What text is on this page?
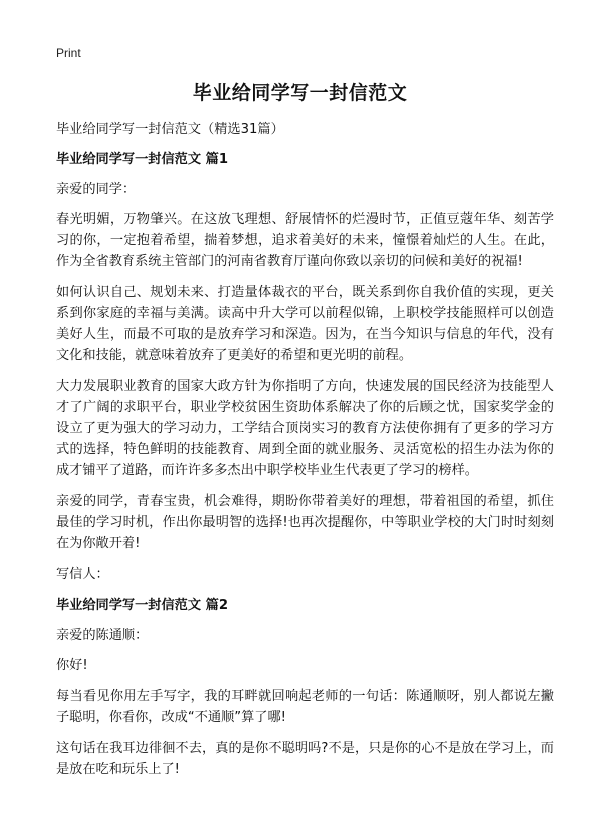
Print
毕业给同学写一封信范文

毕业给同学写一封信范文（精选31篇）

毕业给同学写一封信范文 篇1

亲爱的同学：

春光明媚，万物肇兴。在这放飞理想、舒展情怀的烂漫时节，正值豆蔻年华、刻苦学习的你，一定抱着希望，揣着梦想，追求着美好的未来，憧憬着灿烂的人生。在此，作为全省教育系统主管部门的河南省教育厅谨向你致以亲切的问候和美好的祝福!

如何认识自己、规划未来、打造量体裁衣的平台，既关系到你自我价值的实现，更关系到你家庭的幸福与美满。读高中升大学可以前程似锦，上职校学技能照样可以创造美好人生，而最不可取的是放弃学习和深造。因为，在当今知识与信息的年代，没有文化和技能，就意味着放弃了更美好的希望和更光明的前程。

大力发展职业教育的国家大政方针为你指明了方向，快速发展的国民经济为技能型人才了广阔的求职平台，职业学校贫困生资助体系解决了你的后顾之忧，国家奖学金的设立了更为强大的学习动力，工学结合顶岗实习的教育方法使你拥有了更多的学习方式的选择，特色鲜明的技能教育、周到全面的就业服务、灵活宽松的招生办法为你的成才铺平了道路，而许许多多杰出中职学校毕业生代表更了学习的榜样。

亲爱的同学，青春宝贵，机会难得，期盼你带着美好的理想，带着祖国的希望，抓住最佳的学习时机，作出你最明智的选择!也再次提醒你，中等职业学校的大门时时刻刻在为你敞开着!

写信人：

毕业给同学写一封信范文 篇2

亲爱的陈通顺：

你好!

每当看见你用左手写字，我的耳畔就回响起老师的一句话：陈通顺呀，别人都说左撇子聪明，你看你，改成“不通顺”算了哪!

这句话在我耳边徘徊不去，真的是你不聪明吗?不是，只是你的心不是放在学习上，而是放在吃和玩乐上了!
